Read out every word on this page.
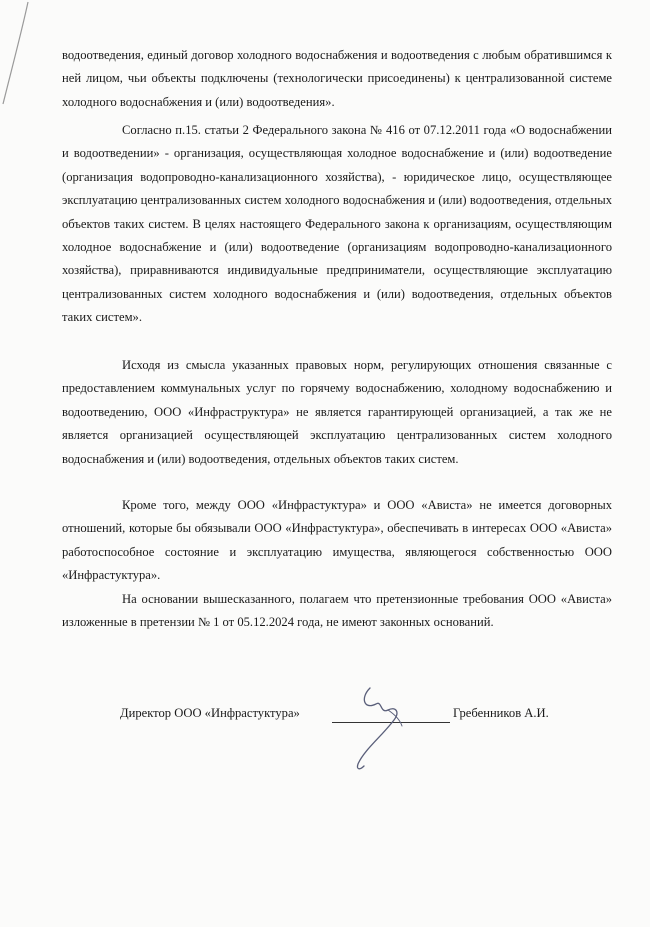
водоотведения, единый договор холодного водоснабжения и водоотведения с любым обратившимся к ней лицом, чьи объекты подключены (технологически присоединены) к централизованной системе холодного водоснабжения и (или) водоотведения».

Согласно п.15. статьи 2 Федерального закона № 416 от 07.12.2011 года «О водоснабжении и водоотведении» - организация, осуществляющая холодное водоснабжение и (или) водоотведение (организация водопроводно-канализационного хозяйства), - юридическое лицо, осуществляющее эксплуатацию централизованных систем холодного водоснабжения и (или) водоотведения, отдельных объектов таких систем. В целях настоящего Федерального закона к организациям, осуществляющим холодное водоснабжение и (или) водоотведение (организациям водопроводно-канализационного хозяйства), приравниваются индивидуальные предприниматели, осуществляющие эксплуатацию централизованных систем холодного водоснабжения и (или) водоотведения, отдельных объектов таких систем».

Исходя из смысла указанных правовых норм, регулирующих отношения связанные с предоставлением коммунальных услуг по горячему водоснабжению, холодному водоснабжению и водоотведению, ООО «Инфраструктура» не является гарантирующей организацией, а так же не является организацией осуществляющей эксплуатацию централизованных систем холодного водоснабжения и (или) водоотведения, отдельных объектов таких систем.

Кроме того, между ООО «Инфрастуктура» и ООО «Ависта» не имеется договорных отношений, которые бы обязывали ООО «Инфрастуктура», обеспечивать в интересах ООО «Ависта» работоспособное состояние и эксплуатацию имущества, являющегося собственностью ООО «Инфрастуктура».

На основании вышесказанного, полагаем что претензионные требования ООО «Ависта» изложенные в претензии № 1 от 05.12.2024 года, не имеют законных оснований.

Директор ООО «Инфрастуктура»	Гребенников А.И.
